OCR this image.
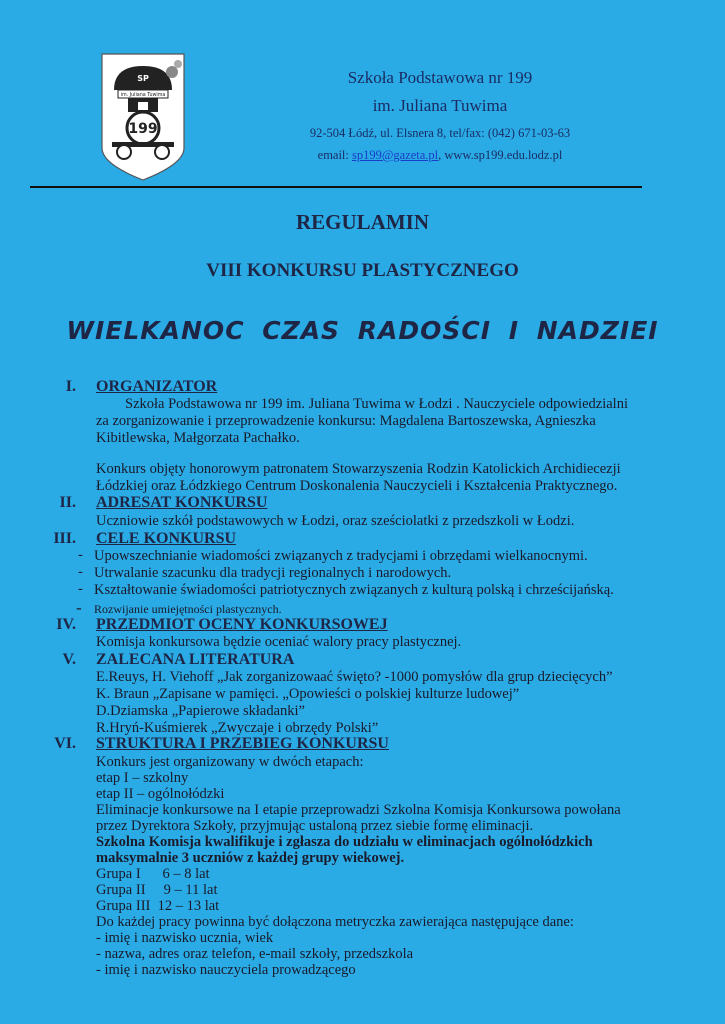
SP
im. Juliana Tuwima
199
Szkoła Podstawowa nr 199
im. Juliana Tuwima
92-504 Łódź, ul. Elsnera 8, tel/fax: (042) 671-03-63
email: sp199@gazeta.pl, www.sp199.edu.lodz.pl
REGULAMIN
VIII KONKURSU PLASTYCZNEGO
WIELKANOC CZAS RADOŚCI I NADZIEI
I. ORGANIZATOR
Szkoła Podstawowa nr 199 im. Juliana Tuwima w Łodzi . Nauczyciele odpowiedzialni
za zorganizowanie i przeprowadzenie konkursu: Magdalena Bartoszewska, Agnieszka
Kibitlewska, Małgorzata Pachałko.
Konkurs objęty honorowym patronatem Stowarzyszenia Rodzin Katolickich Archidiecezji
Łódzkiej oraz Łódzkiego Centrum Doskonalenia Nauczycieli i Kształcenia Praktycznego.
II. ADRESAT KONKURSU
Uczniowie szkół podstawowych w Łodzi, oraz sześciolatki z przedszkoli w Łodzi.
III. CELE KONKURSU
- Upowszechnianie wiadomości związanych z tradycjami i obrzędami wielkanocnymi.
- Utrwalanie szacunku dla tradycji regionalnych i narodowych.
- Kształtowanie świadomości patriotycznych związanych z kulturą polską i chrześcijańską.
- Rozwijanie umiejętności plastycznych.
IV. PRZEDMIOT OCENY KONKURSOWEJ
Komisja konkursowa będzie oceniać walory pracy plastycznej.
V. ZALECANA LITERATURA
E.Reuys, H. Viehoff „Jak zorganizowaać święto? -1000 pomysłów dla grup dziecięcych”
K. Braun „Zapisane w pamięci. „Opowieści o polskiej kulturze ludowej”
D.Dziamska „Papierowe składanki”
R.Hryń-Kuśmierek „Zwyczaje i obrzędy Polski”
VI. STRUKTURA I PRZEBIEG KONKURSU
Konkurs jest organizowany w dwóch etapach:
etap I – szkolny
etap II – ogólnołódzki
Eliminacje konkursowe na I etapie przeprowadzi Szkolna Komisja Konkursowa powołana
przez Dyrektora Szkoły, przyjmując ustaloną przez siebie formę eliminacji.
Szkolna Komisja kwalifikuje i zgłasza do udziału w eliminacjach ogólnołódzkich
maksymalnie 3 uczniów z każdej grupy wiekowej.
Grupa I      6 – 8 lat
Grupa II     9 – 11 lat
Grupa III  12 – 13 lat
Do każdej pracy powinna być dołączona metryczka zawierająca następujące dane:
- imię i nazwisko ucznia, wiek
- nazwa, adres oraz telefon, e-mail szkoły, przedszkola
- imię i nazwisko nauczyciela prowadzącego
